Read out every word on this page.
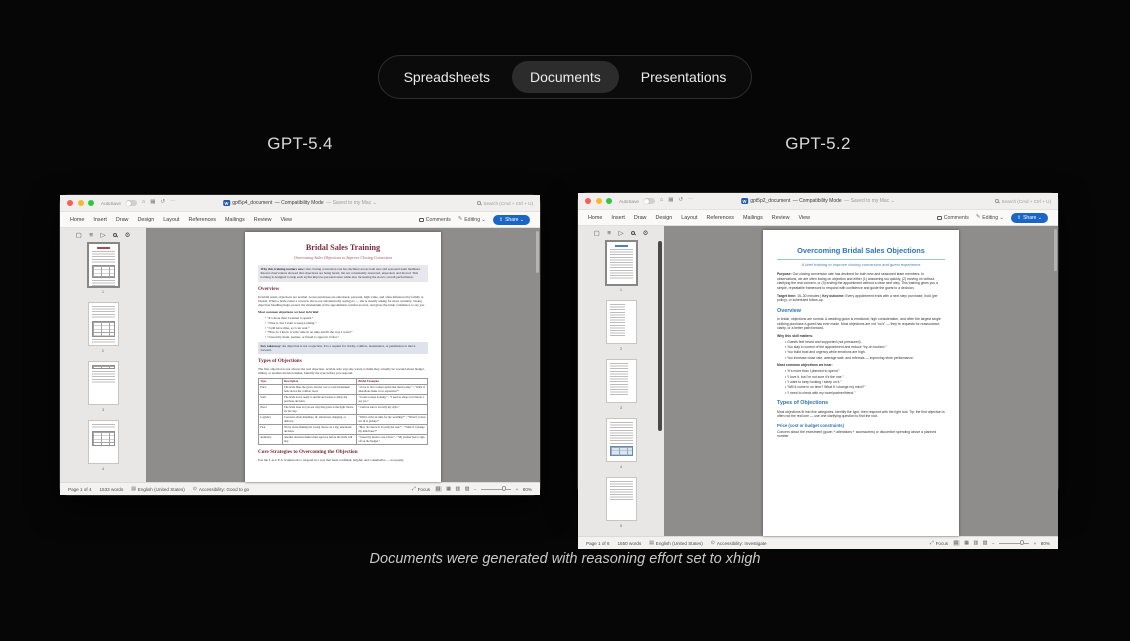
Spreadsheets	Documents	Presentations
GPT-5.4	GPT-5.2
AutoSave	⌂ ▦ ↺ ⋯	W gpt5p4_document — Compatibility Mode — Saved to my Mac ⌄	Search (Cmd + Ctrl + U)
Home Insert Draw Design Layout References Mailings Review View	Comments ✎ Editing ⌄	⇧ Share ⌄
▢ ≡ ▷	⚙
1
2
3
4
Bridal Sales Training
Overcoming Sales Objections to Improve Closing Conversion
Why this training matters now: Our closing conversion rate has declined across both new and seasoned team members. Recent observations showed that objections are being heard, but not consistently answered, unpacked, and moved. This training is designed to help each stylist improve personal sales while also increasing the store's overall performance.
Overview

In bridal retail, objections are normal. Gown purchases are emotional, personal, high value, and often influenced by family or friends. When a bride raises a concern, she is not automatically saying no — she is usually asking for more certainty. Strong objection handling helps protect the momentum of the appointment, reinforces trust, and gives the bride confidence to say yes.

Most common objections we hear in bridal:
• “It’s more than I wanted to spend.”
• “I like it, but I want to keep looking.”
• “I still have time, so I can wait.”
• “How do I know it will come in on time and fit the way I want?”
• “I need my mom, partner, or friend to approve it first.”
Key takeaway: An objection is not a rejection. It is a request for clarity, comfort, reassurance, or permission to move forward.
Types of Objections

The first objection is not always the real objection. A bride who says she wants to think may actually be worried about budget, timing, or another decision maker. Identify the type before you respond.

Type	Description	Bridal Examples
Price	The bride likes the gown, but the cost or total investment feels above her comfort level.	“I love it, but I cannot spend that much today.” / “What if alterations make it too expensive?”
Stall	The bride is not ready to decide and wants to delay the purchase decision.	“I want to keep looking.” / “I need to sleep on it before I say yes.”
Need	The bride does not yet see why this gown is the right choice for her day.	“I am not sure it is really my style.”
Logistics	Concerns about timelines, fit, alterations, shipping, or delivery.	“Will it arrive in time for my wedding?” / “What if it does not fit at pickup?”
Fear	Worry about making the wrong choice on a big, emotional decision.	“How do I know it is really the one?” / “What if I change my mind later?”
Authority	Another decision maker must approve before the bride will buy.	“I need my mom to see it first.” / “My partner has to sign off on the budget.”
Core Strategies to Overcoming the Objection

Use the L.A.C.E.S. framework to respond in a way that feels confident, helpful, and consultative — not pushy.

Page 1 of 4 1533 words ▤ English (United States) ⊙ Accessibility: Good to go	⤢ Focus ▤ ▦ ▥ ▧ −	+ 80%
AutoSave	⌂ ▦ ↺ ⋯	W gpt5p2_document — Compatibility Mode — Saved to my Mac ⌄	Search (Cmd + Ctrl + U)
Home Insert Draw Design Layout References Mailings Review View	Comments ✎ Editing ⌄	⇧ Share ⌄
▢ ≡ ▷	⚙
1
2
3
4
5
Overcoming Bridal Sales Objections
A brief training to improve closing conversion and guest experience

Purpose: Our closing conversion rate has declined for both new and seasoned team members. In observations, we are often losing on objection and either (1) answering too quickly, (2) moving on without clarifying the real concern, or (3) ending the appointment without a clear next step. This training gives you a simple, repeatable framework to respond with confidence and guide the guest to a decision.

Target time: 15–30 minutes | Key outcome: Every appointment ends with a next step: purchase, hold (per policy), or scheduled follow-up.

Overview

In bridal, objections are normal. A wedding gown is emotional, high consideration, and often the largest single clothing purchase a guest has ever made. Most objections are not “no’s” — they’re requests for reassurance, clarity, or a better path forward.

Why this skill matters:
• Guests feel heard and supported (not pressured).
• You stay in control of the appointment and reduce “try-on tourism.”
• You build trust and urgency while emotions are high.
• You increase close rate, average sale, and referrals — improving store performance.
Most common objections we hear:
• “It’s more than I planned to spend.”
• “I love it, but I’m not sure it’s the one.”
• “I want to keep looking / sleep on it.”
• “Will it come in on time? What if I change my mind?”
• “I need to check with my mom/partner/friend.”
Types of Objections

Most objections fit into five categories. Identify the type, then respond with the right tool. Tip: the first objection is often not the real one — use one clarifying question to find the root.

Price (cost or budget constraints)

Concern about the investment (gown + alterations + accessories) or discomfort spending above a planned number.

Page 1 of 6 1550 words ▤ English (United States) ⊙ Accessibility: Investigate	⤢ Focus ▤ ▦ ▥ ▧ −	+ 80%
Documents were generated with reasoning effort set to xhigh
